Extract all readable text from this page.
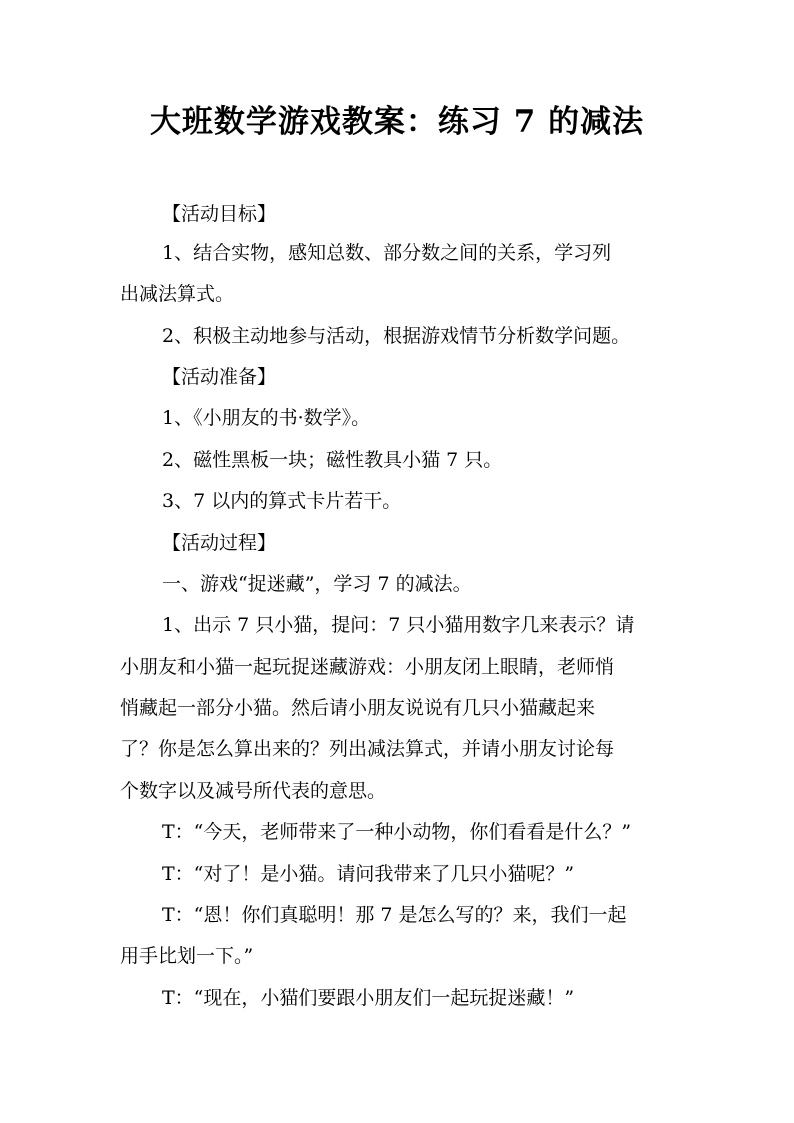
大班数学游戏教案：练习 7 的减法

【活动目标】

1、结合实物，感知总数、部分数之间的关系，学习列

出减法算式。

2、积极主动地参与活动，根据游戏情节分析数学问题。

【活动准备】

1、《小朋友的书·数学》。

2、磁性黑板一块；磁性教具小猫 7 只。

3、7 以内的算式卡片若干。

【活动过程】

一、游戏“捉迷藏”，学习 7 的减法。

1、出示 7 只小猫，提问：7 只小猫用数字几来表示？请

小朋友和小猫一起玩捉迷藏游戏：小朋友闭上眼睛，老师悄

悄藏起一部分小猫。然后请小朋友说说有几只小猫藏起来

了？你是怎么算出来的？列出减法算式，并请小朋友讨论每

个数字以及减号所代表的意思。

T：“今天，老师带来了一种小动物，你们看看是什么？”

T：“对了！是小猫。请问我带来了几只小猫呢？”

T：“恩！你们真聪明！那 7 是怎么写的？来，我们一起

用手比划一下。”

T：“现在，小猫们要跟小朋友们一起玩捉迷藏！”
